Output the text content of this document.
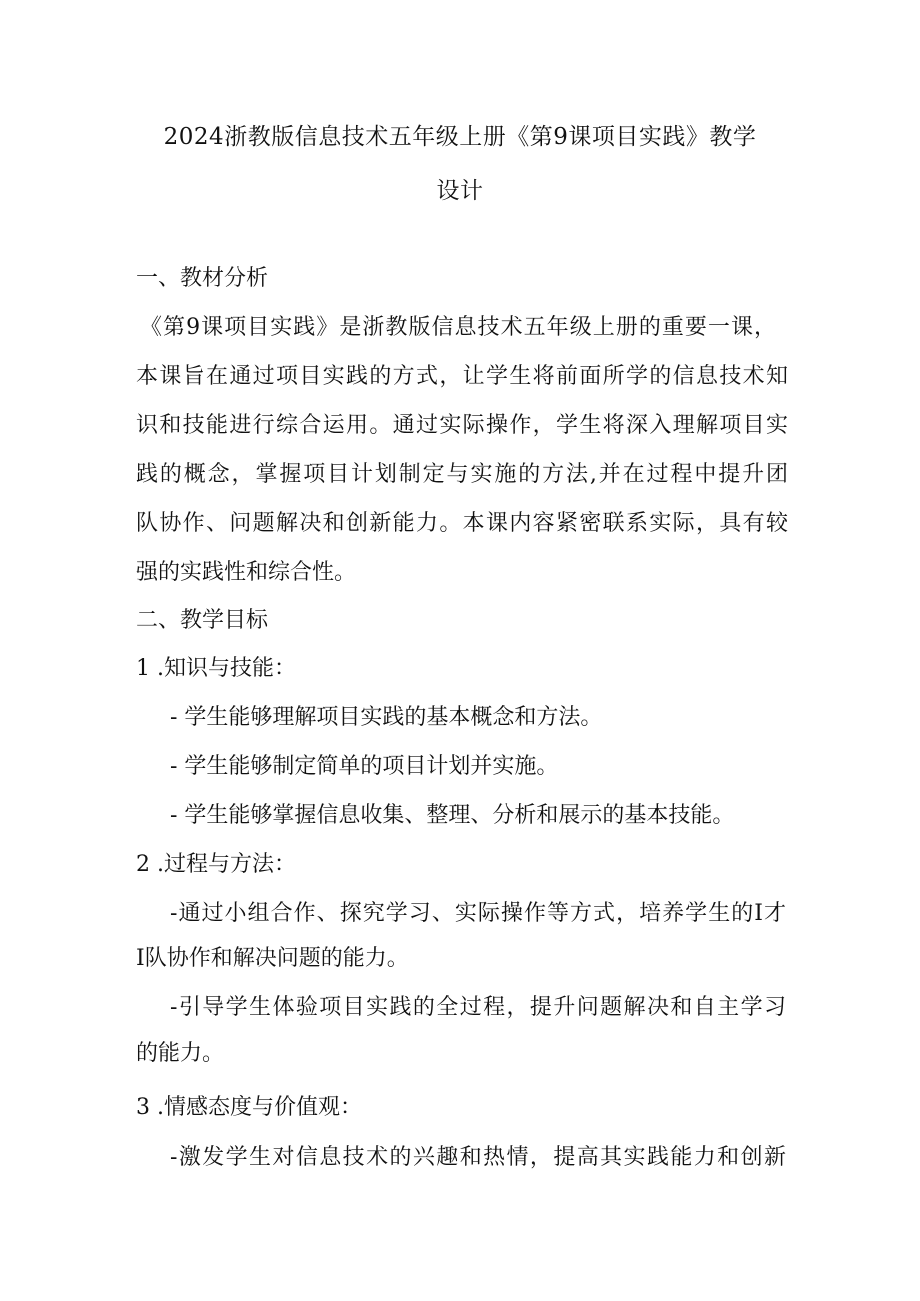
2024浙教版信息技术五年级上册《第9课项目实践》教学
设计
一、教材分析
《第9课项目实践》是浙教版信息技术五年级上册的重要一课，
本课旨在通过项目实践的方式，让学生将前面所学的信息技术知
识和技能进行综合运用。通过实际操作，学生将深入理解项目实
践的概念，掌握项目计划制定与实施的方法,并在过程中提升团
队协作、问题解决和创新能力。本课内容紧密联系实际，具有较
强的实践性和综合性。
二、教学目标
1 .知识与技能：
- 学生能够理解项目实践的基本概念和方法。
- 学生能够制定简单的项目计划并实施。
- 学生能够掌握信息收集、整理、分析和展示的基本技能。
2 .过程与方法：
-通过小组合作、探究学习、实际操作等方式，培养学生的I才
I队协作和解决问题的能力。
-引导学生体验项目实践的全过程，提升问题解决和自主学习
的能力。
3 .情感态度与价值观：
-激发学生对信息技术的兴趣和热情，提高其实践能力和创新
